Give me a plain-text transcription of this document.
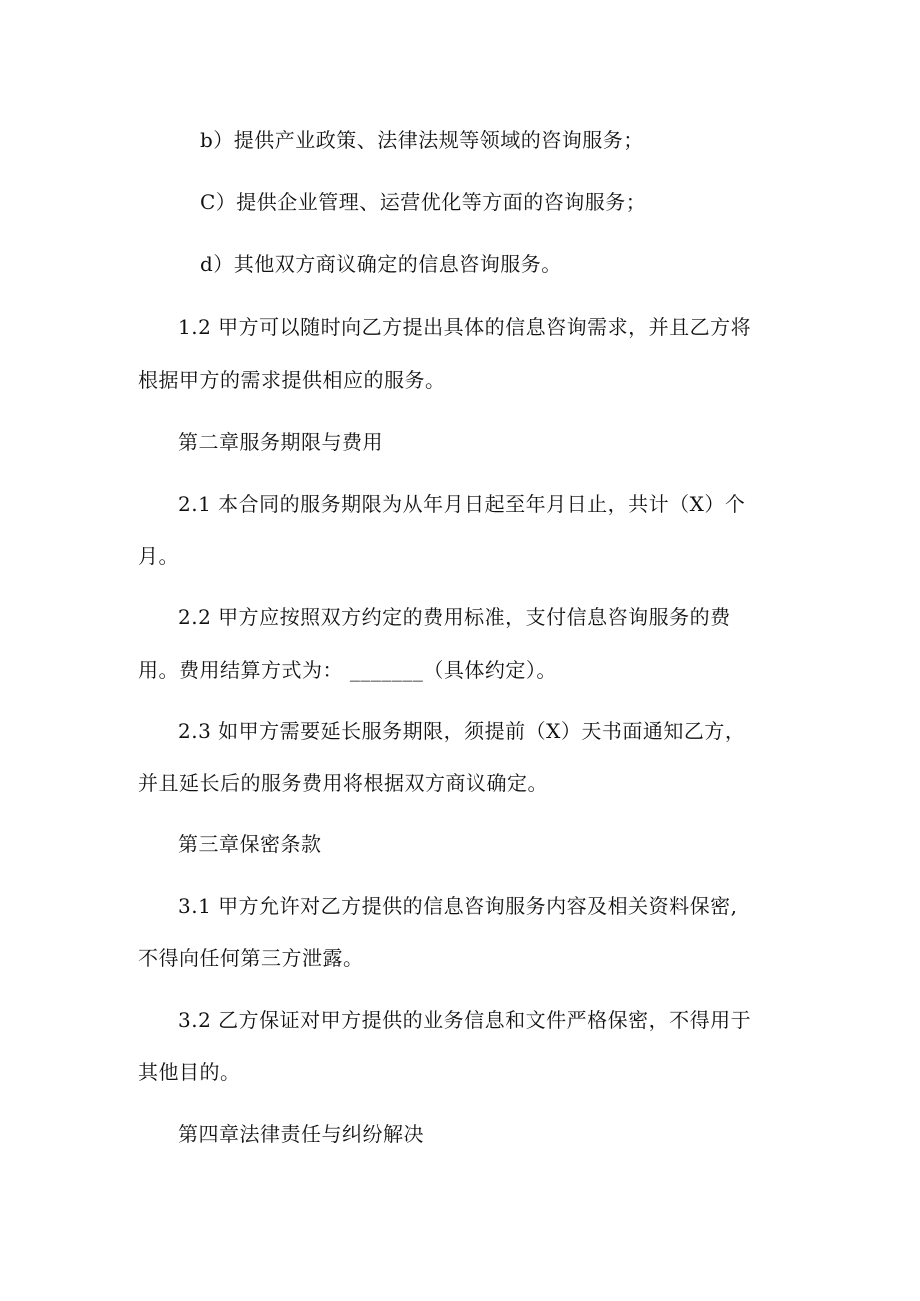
b）提供产业政策、法律法规等领域的咨询服务；
C）提供企业管理、运营优化等方面的咨询服务；
d）其他双方商议确定的信息咨询服务。
1.2 甲方可以随时向乙方提出具体的信息咨询需求，并且乙方将
根据甲方的需求提供相应的服务。
第二章服务期限与费用
2.1 本合同的服务期限为从年月日起至年月日止，共计（X）个
月。
2.2 甲方应按照双方约定的费用标准，支付信息咨询服务的费
用。费用结算方式为： _______（具体约定）。
2.3 如甲方需要延长服务期限，须提前（X）天书面通知乙方，
并且延长后的服务费用将根据双方商议确定。
第三章保密条款
3.1 甲方允许对乙方提供的信息咨询服务内容及相关资料保密,
不得向任何第三方泄露。
3.2 乙方保证对甲方提供的业务信息和文件严格保密，不得用于
其他目的。
第四章法律责任与纠纷解决
